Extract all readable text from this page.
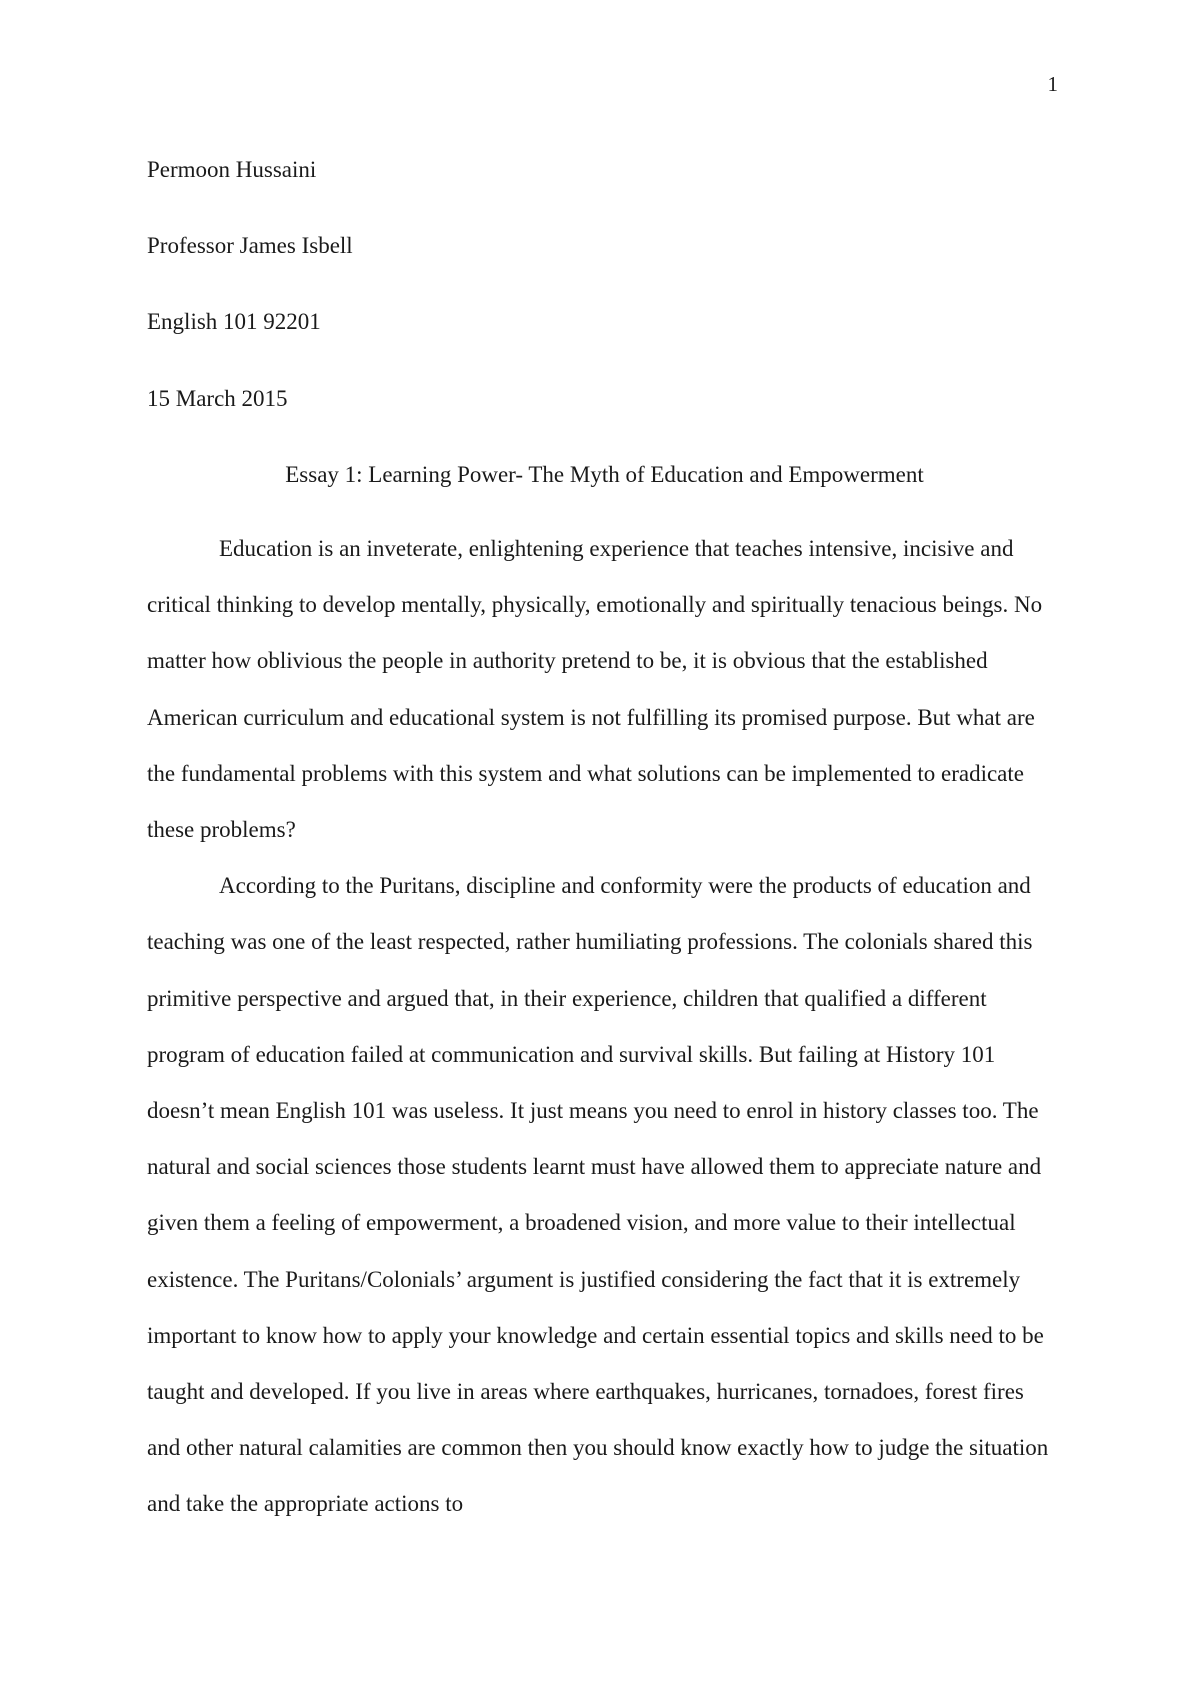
1
Permoon Hussaini
Professor James Isbell
English 101 92201
15 March 2015
Essay 1: Learning Power- The Myth of Education and Empowerment

Education is an inveterate, enlightening experience that teaches intensive, incisive and critical thinking to develop mentally, physically, emotionally and spiritually tenacious beings. No matter how oblivious the people in authority pretend to be, it is obvious that the established American curriculum and educational system is not fulfilling its promised purpose. But what are the fundamental problems with this system and what solutions can be implemented to eradicate these problems?

According to the Puritans, discipline and conformity were the products of education and teaching was one of the least respected, rather humiliating professions. The colonials shared this primitive perspective and argued that, in their experience, children that qualified a different program of education failed at communication and survival skills. But failing at History 101 doesn’t mean English 101 was useless. It just means you need to enrol in history classes too. The natural and social sciences those students learnt must have allowed them to appreciate nature and given them a feeling of empowerment, a broadened vision, and more value to their intellectual existence. The Puritans/Colonials’ argument is justified considering the fact that it is extremely important to know how to apply your knowledge and certain essential topics and skills need to be taught and developed. If you live in areas where earthquakes, hurricanes, tornadoes, forest fires and other natural calamities are common then you should know exactly how to judge the situation and take the appropriate actions to
